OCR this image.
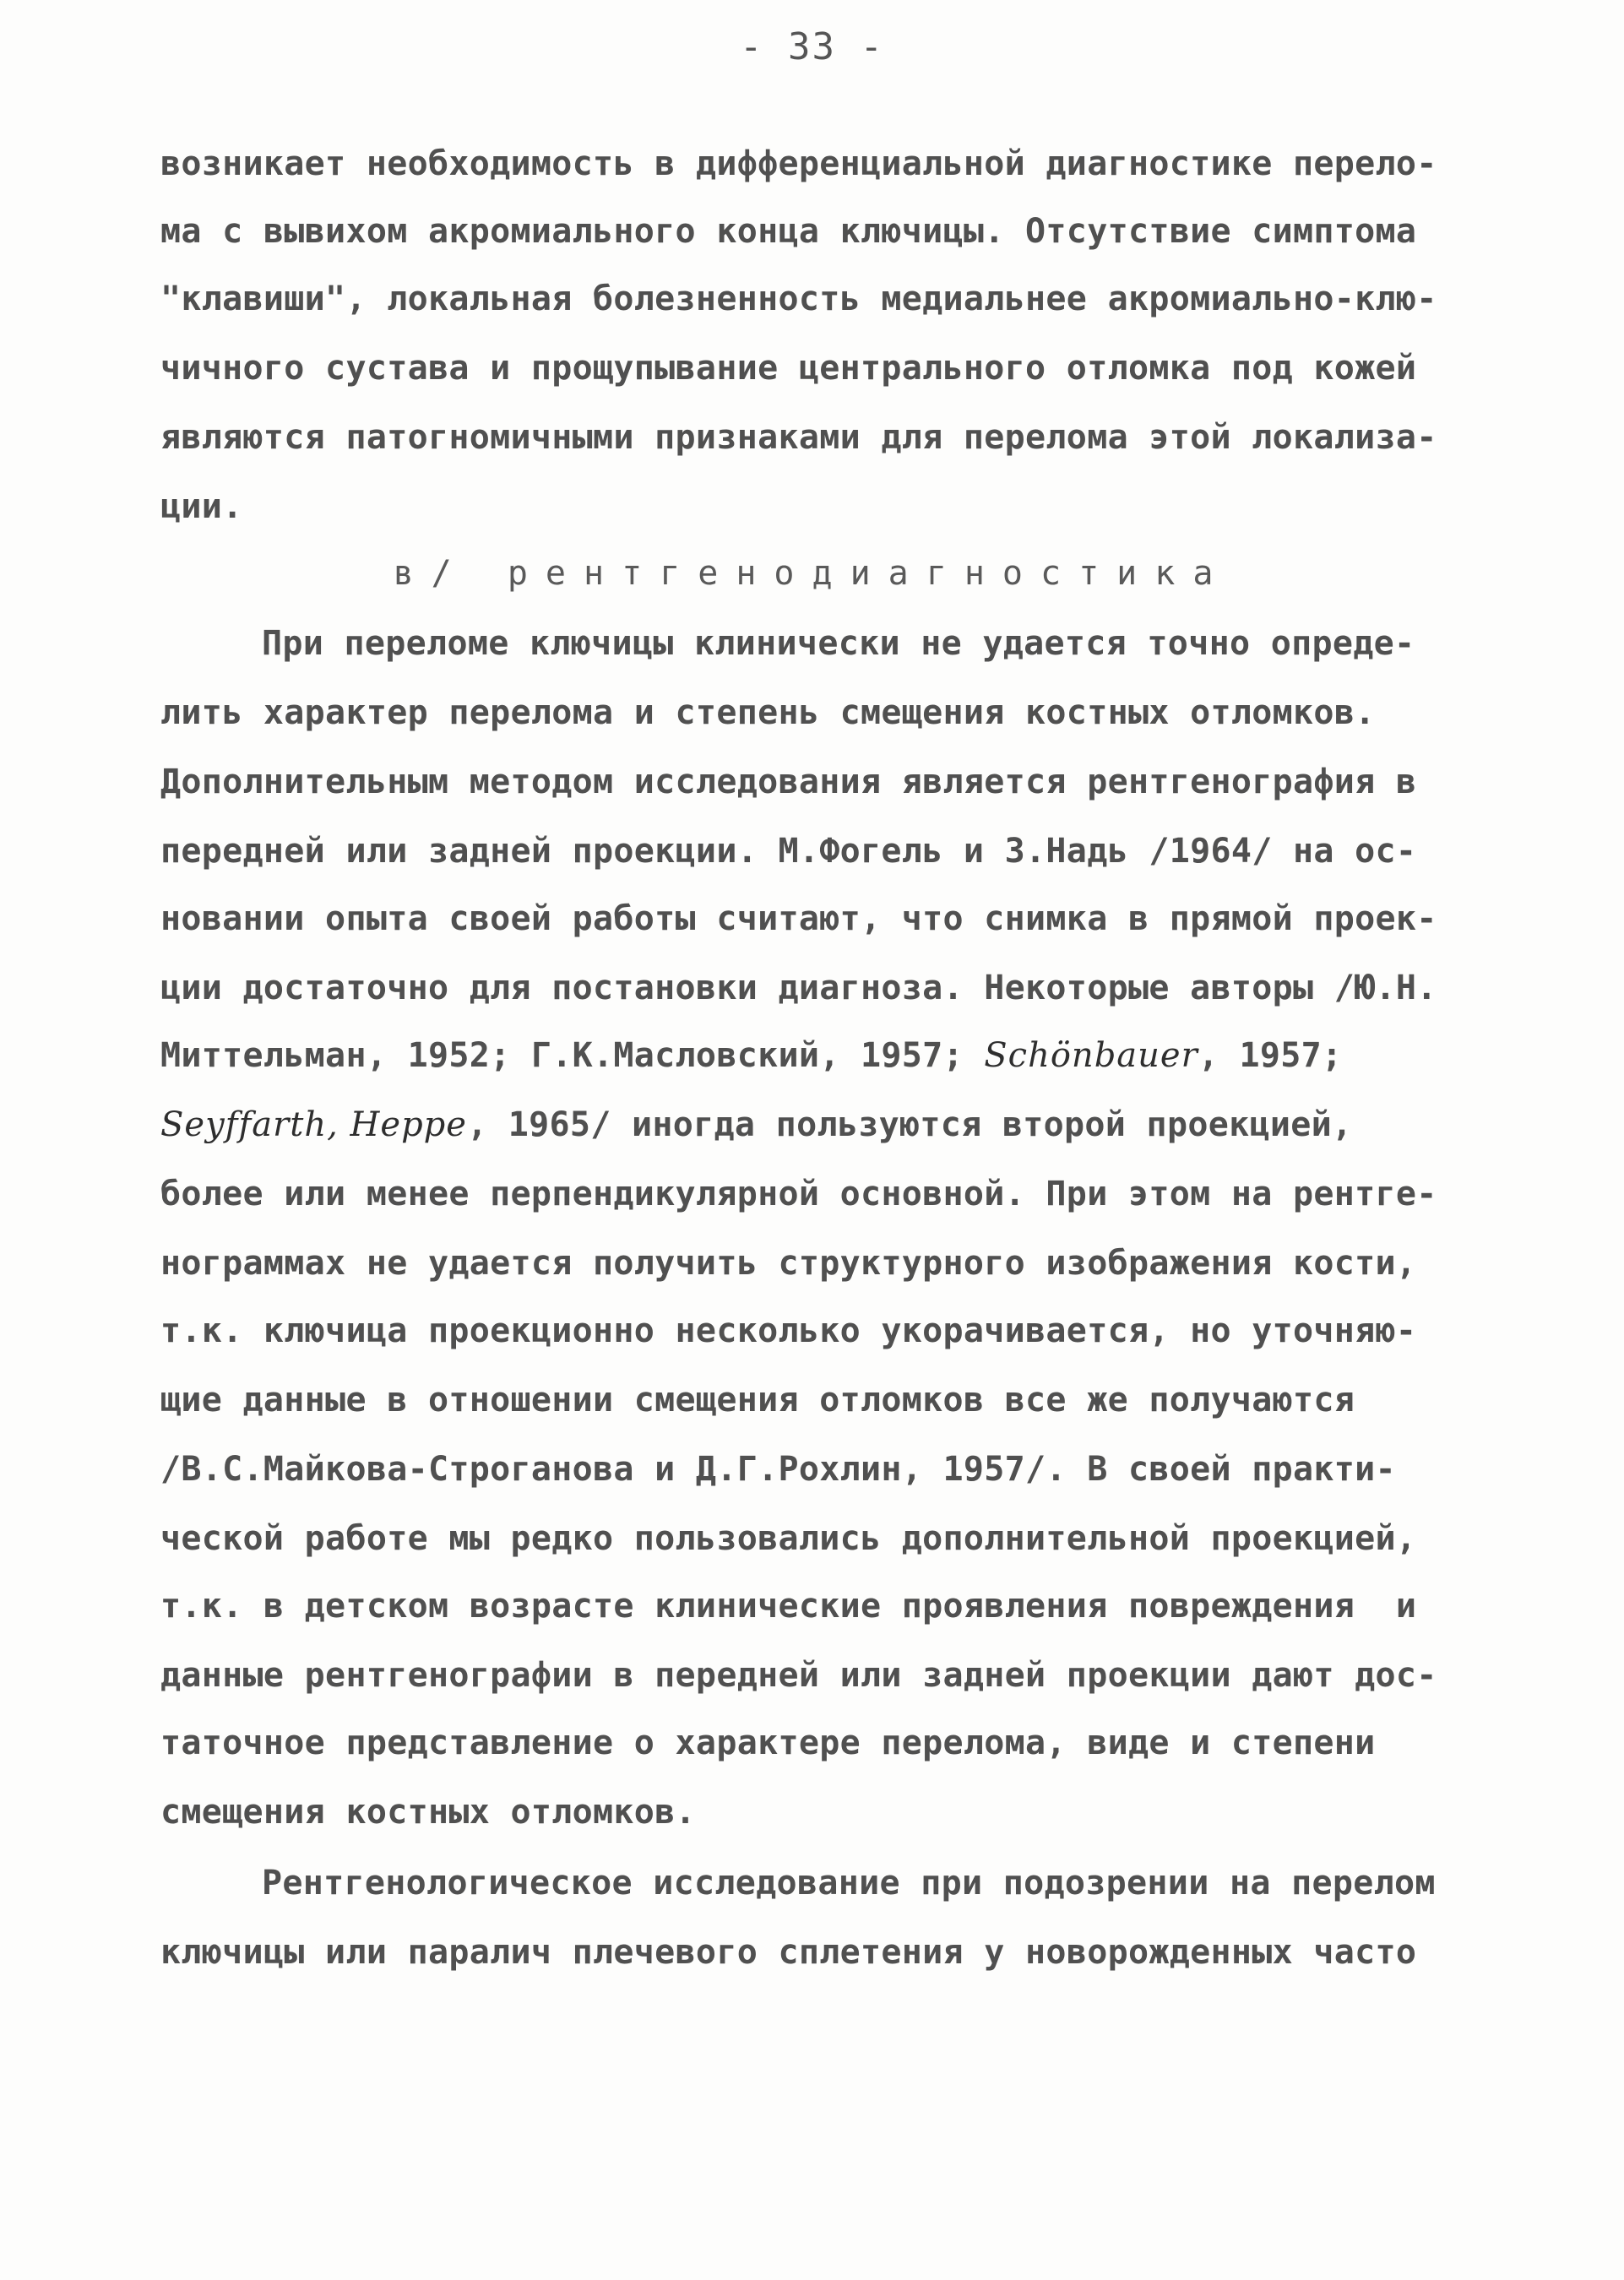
- 33 -
возникает необходимость в дифференциальной диагностике перело-
ма с вывихом акромиального конца ключицы. Отсутствие симптома
"клавиши", локальная болезненность медиальнее акромиально-клю-
чичного сустава и прощупывание центрального отломка под кожей
являются патогномичными признаками для перелома этой локализа-
ции.
в/ рентгенодиагностика
При переломе ключицы клинически не удается точно опреде-
лить характер перелома и степень смещения костных отломков.
Дополнительным методом исследования является рентгенография в
передней или задней проекции. М.Фогель и З.Надь /1964/ на ос-
новании опыта своей работы считают, что снимка в прямой проек-
ции достаточно для постановки диагноза. Некоторые авторы /Ю.Н.
Миттельман, 1952; Г.К.Масловский, 1957; Schönbauer, 1957;
Seyffarth, Heppe, 1965/ иногда пользуются второй проекцией,
более или менее перпендикулярной основной. При этом на рентге-
нограммах не удается получить структурного изображения кости,
т.к. ключица проекционно несколько укорачивается, но уточняю-
щие данные в отношении смещения отломков все же получаются
/В.С.Майкова-Строганова и Д.Г.Рохлин, 1957/. В своей практи-
ческой работе мы редко пользовались дополнительной проекцией,
т.к. в детском возрасте клинические проявления повреждения  и
данные рентгенографии в передней или задней проекции дают дос-
таточное представление о характере перелома, виде и степени
смещения костных отломков.
Рентгенологическое исследование при подозрении на перелом
ключицы или паралич плечевого сплетения у новорожденных часто
